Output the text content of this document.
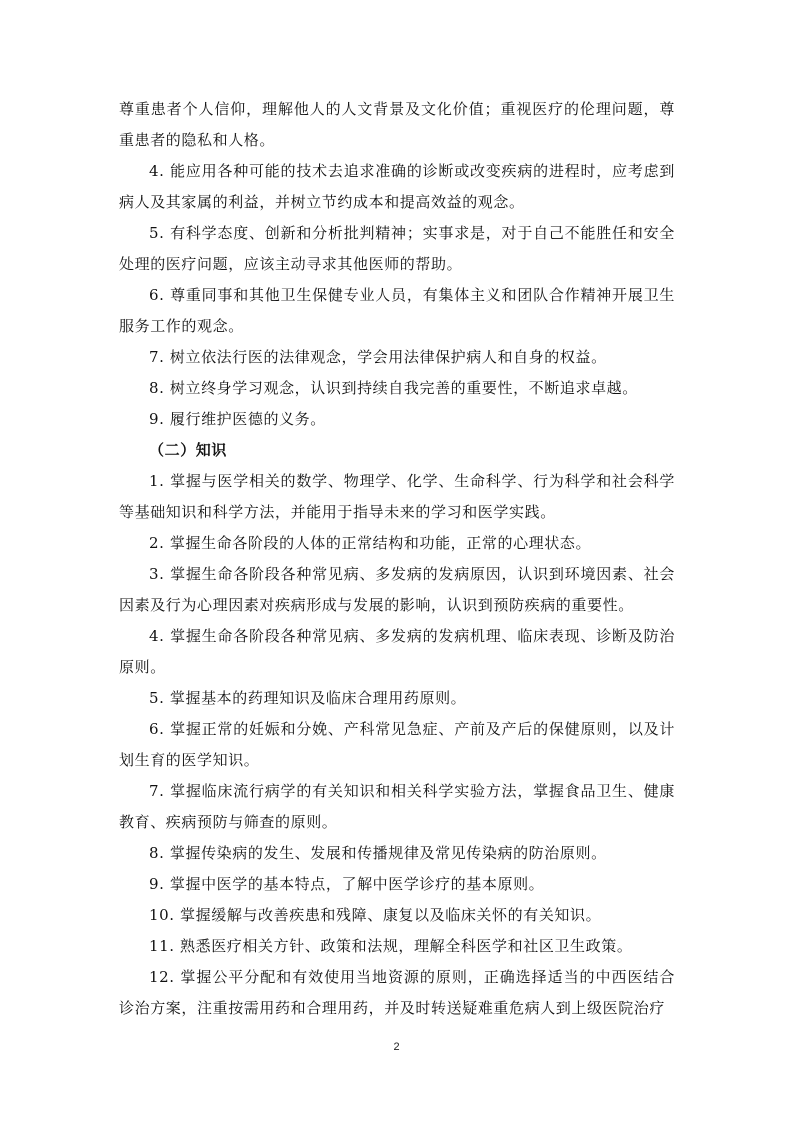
尊重患者个人信仰，理解他人的人文背景及文化价值；重视医疗的伦理问题，尊重患者的隐私和人格。

4. 能应用各种可能的技术去追求准确的诊断或改变疾病的进程时，应考虑到病人及其家属的利益，并树立节约成本和提高效益的观念。

5. 有科学态度、创新和分析批判精神；实事求是，对于自己不能胜任和安全处理的医疗问题，应该主动寻求其他医师的帮助。

6. 尊重同事和其他卫生保健专业人员，有集体主义和团队合作精神开展卫生服务工作的观念。

7. 树立依法行医的法律观念，学会用法律保护病人和自身的权益。

8. 树立终身学习观念，认识到持续自我完善的重要性，不断追求卓越。

9. 履行维护医德的义务。

（二）知识

1. 掌握与医学相关的数学、物理学、化学、生命科学、行为科学和社会科学等基础知识和科学方法，并能用于指导未来的学习和医学实践。

2. 掌握生命各阶段的人体的正常结构和功能，正常的心理状态。

3. 掌握生命各阶段各种常见病、多发病的发病原因，认识到环境因素、社会因素及行为心理因素对疾病形成与发展的影响，认识到预防疾病的重要性。

4. 掌握生命各阶段各种常见病、多发病的发病机理、临床表现、诊断及防治原则。

5. 掌握基本的药理知识及临床合理用药原则。

6. 掌握正常的妊娠和分娩、产科常见急症、产前及产后的保健原则，以及计划生育的医学知识。

7. 掌握临床流行病学的有关知识和相关科学实验方法，掌握食品卫生、健康教育、疾病预防与筛查的原则。

8. 掌握传染病的发生、发展和传播规律及常见传染病的防治原则。

9. 掌握中医学的基本特点，了解中医学诊疗的基本原则。

10. 掌握缓解与改善疾患和残障、康复以及临床关怀的有关知识。

11. 熟悉医疗相关方针、政策和法规，理解全科医学和社区卫生政策。

12. 掌握公平分配和有效使用当地资源的原则，正确选择适当的中西医结合诊治方案，注重按需用药和合理用药，并及时转送疑难重危病人到上级医院治疗

2
